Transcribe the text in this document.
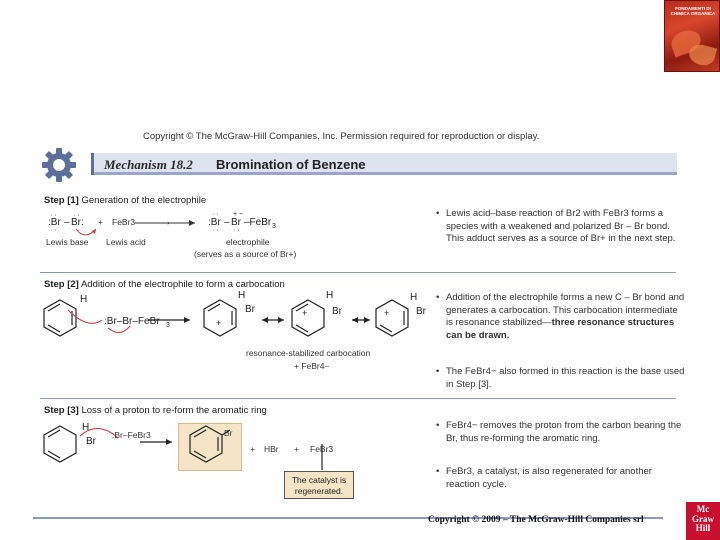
FONDAMENTI DI CHIMICA ORGANICA
Copyright © The McGraw-Hill Companies, Inc. Permission required for reproduction or display.
Mechanism 18.2 Bromination of Benzene
Step [1] Generation of the electrophile
:Br – Br:
· · · ·
· · · ·
→	:Br – Br –FeBr 3
· · + −
· · · ·
+ FeBr3
Lewis base Lewis acid	electrophile
(serves as a source of Br+)
• Lewis acid–base reaction of Br2 with FeBr3 forms a species with a weakened and polarized Br – Br bond. This adduct serves as a source of Br+ in the next step.
Step [2] Addition of the electrophile to form a carbocation
H
:Br–Br–FeBr 3
H
Br
+
H
Br
+
H
Br
+
resonance-stabilized carbocation
+ FeBr4−
• Addition of the electrophile forms a new C – Br bond and generates a carbocation. This carbocation intermediate is resonance stabilized—three resonance structures can be drawn.
• The FeBr4− also formed in this reaction is the base used in Step [3].
Step [3] Loss of a proton to re-form the aromatic ring
H
Br
:Br–FeBr3	Br
+ HBr + FeBr3
The catalyst is regenerated.
• FeBr4− removes the proton from the carbon bearing the Br, thus re-forming the aromatic ring.
• FeBr3, a catalyst, is also regenerated for another reaction cycle.
Copyright © 2009 – The McGraw-Hill Companies srl
Mc Graw Hill
